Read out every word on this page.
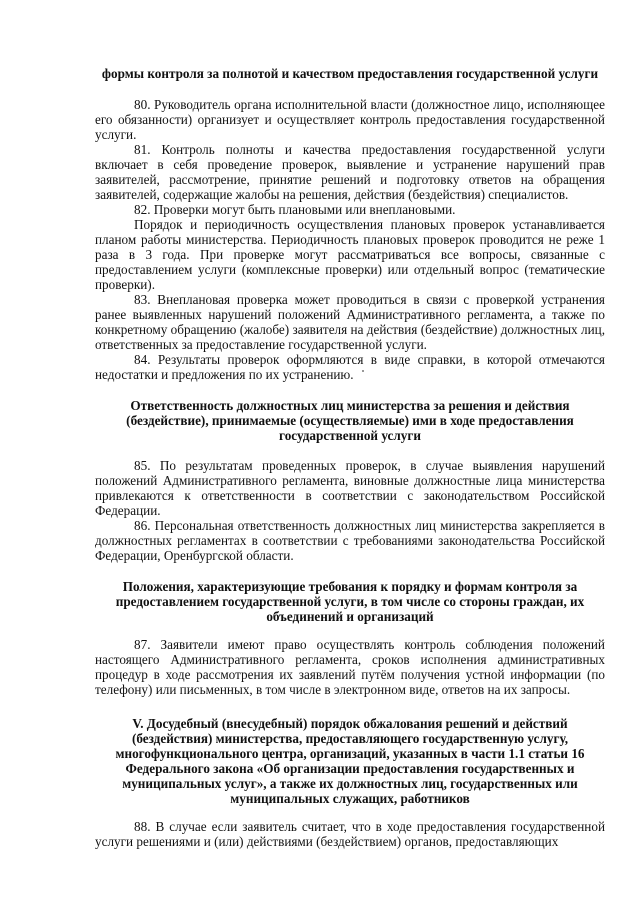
формы контроля за полнотой и качеством предоставления государственной услуги

80. Руководитель органа исполнительной власти (должностное лицо, исполняющее его обязанности) организует и осуществляет контроль предоставления государственной услуги.

81. Контроль полноты и качества предоставления государственной услуги включает в себя проведение проверок, выявление и устранение нарушений прав заявителей, рассмотрение, принятие решений и подготовку ответов на обращения заявителей, содержащие жалобы на решения, действия (бездействия) специалистов.

82. Проверки могут быть плановыми или внеплановыми.

Порядок и периодичность осуществления плановых проверок устанавливается планом работы министерства. Периодичность плановых проверок проводится не реже 1 раза в 3 года. При проверке могут рассматриваться все вопросы, связанные с предоставлением услуги (комплексные проверки) или отдельный вопрос (тематические проверки).

83. Внеплановая проверка может проводиться в связи с проверкой устранения ранее выявленных нарушений положений Административного регламента, а также по конкретному обращению (жалобе) заявителя на действия (бездействие) должностных лиц, ответственных за предоставление государственной услуги.

84. Результаты проверок оформляются в виде справки, в которой отмечаются недостатки и предложения по их устранению.

Ответственность должностных лиц министерства за решения и действия (бездействие), принимаемые (осуществляемые) ими в ходе предоставления государственной услуги

85. По результатам проведенных проверок, в случае выявления нарушений положений Административного регламента, виновные должностные лица министерства привлекаются к ответственности в соответствии с законодательством Российской Федерации.

86. Персональная ответственность должностных лиц министерства закрепляется в должностных регламентах в соответствии с требованиями законодательства Российской Федерации, Оренбургской области.

Положения, характеризующие требования к порядку и формам контроля за предоставлением государственной услуги, в том числе со стороны граждан, их объединений и организаций

87. Заявители имеют право осуществлять контроль соблюдения положений настоящего Административного регламента, сроков исполнения административных процедур в ходе рассмотрения их заявлений путём получения устной информации (по телефону) или письменных, в том числе в электронном виде, ответов на их запросы.

V. Досудебный (внесудебный) порядок обжалования решений и действий (бездействия) министерства, предоставляющего государственную услугу, многофункционального центра, организаций, указанных в части 1.1 статьи 16 Федерального закона «Об организации предоставления государственных и муниципальных услуг», а также их должностных лиц, государственных или муниципальных служащих, работников

88. В случае если заявитель считает, что в ходе предоставления государственной услуги решениями и (или) действиями (бездействием) органов, предоставляющих
